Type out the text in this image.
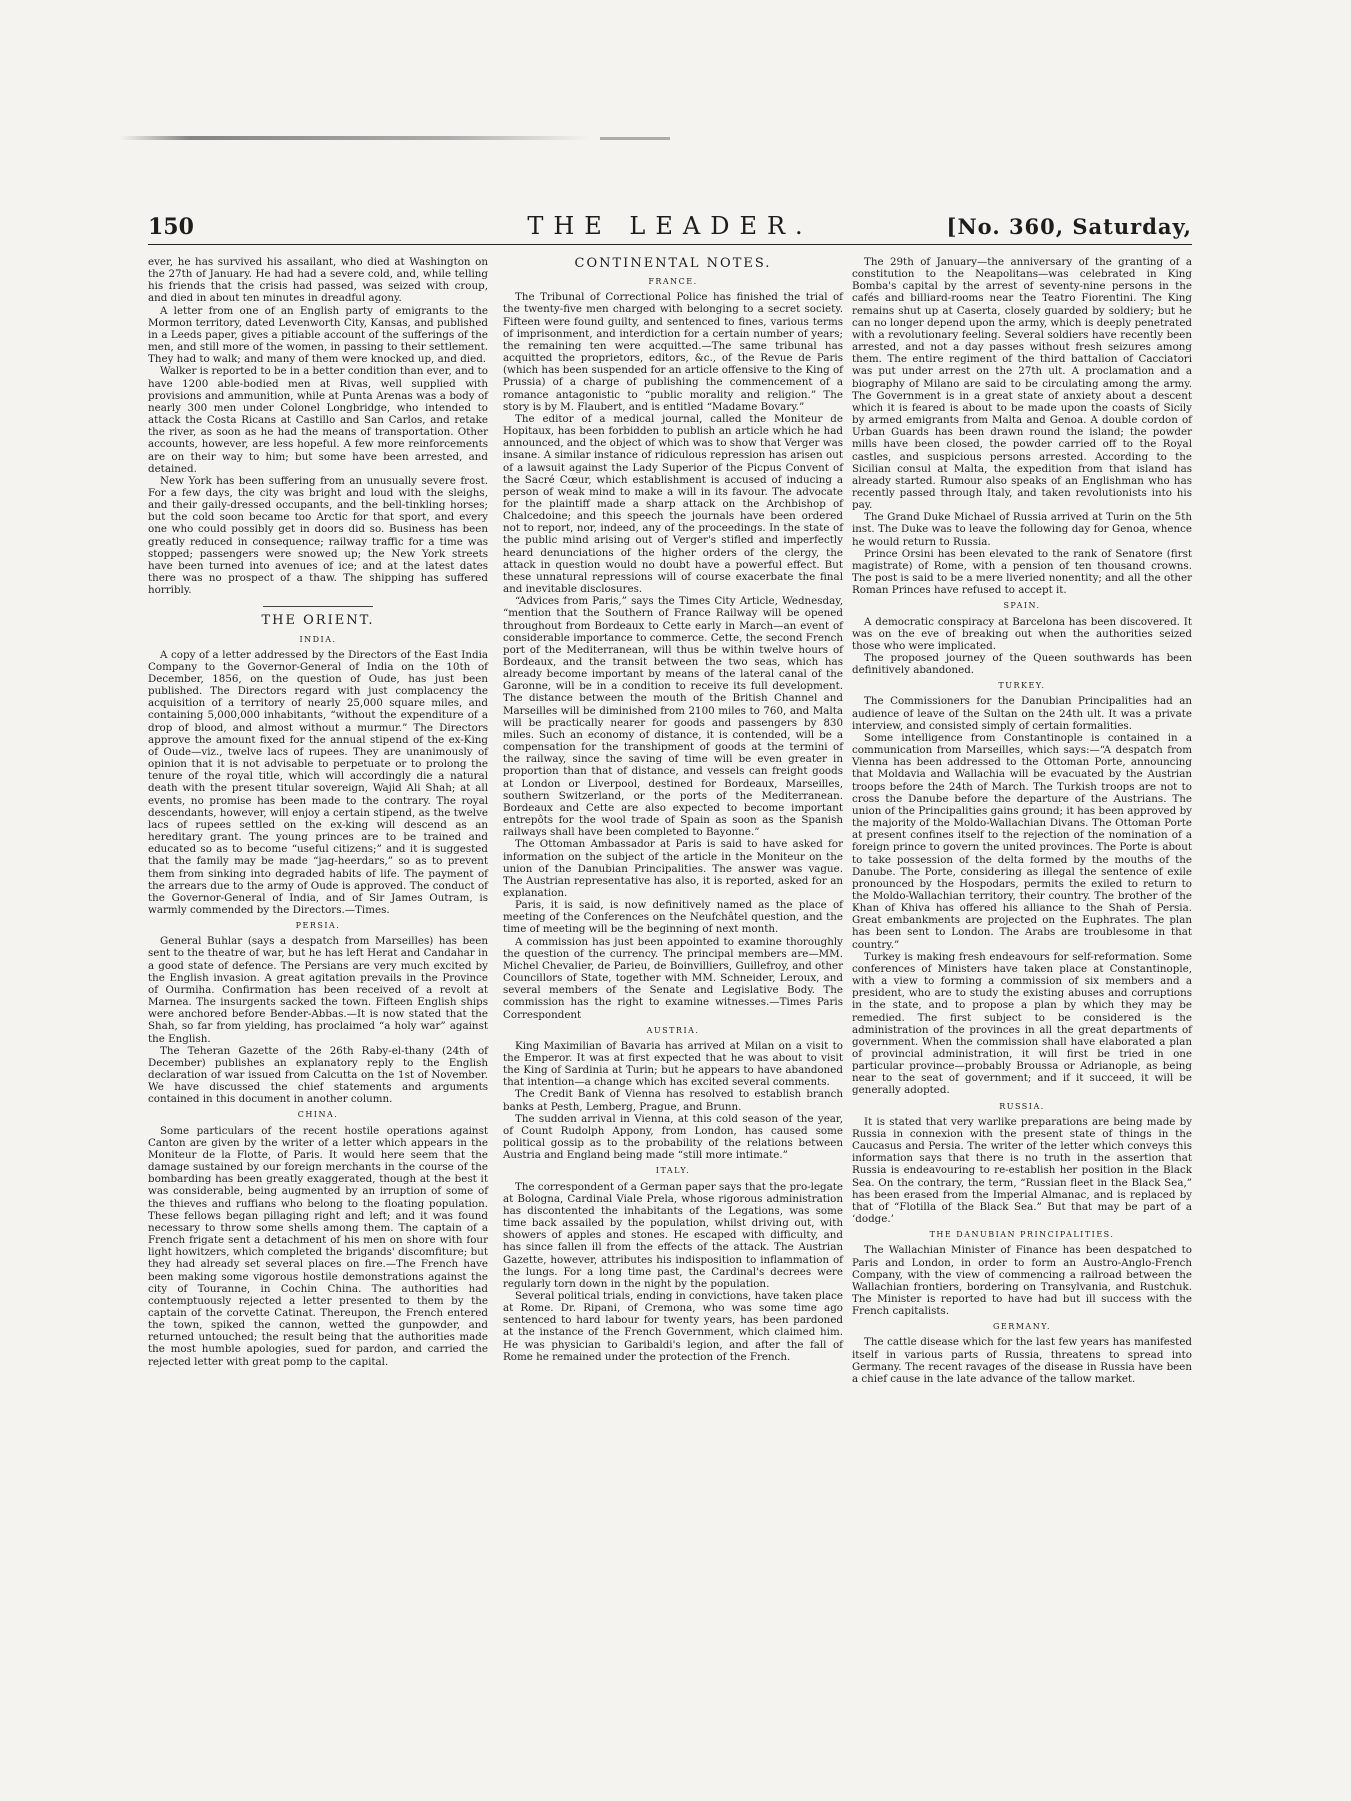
150	THE LEADER.	[No. 360, Saturday,

ever, he has survived his assailant, who died at Washington on the 27th of January. He had had a severe cold, and, while telling his friends that the crisis had passed, was seized with croup, and died in about ten minutes in dreadful agony.

A letter from one of an English party of emigrants to the Mormon territory, dated Levenworth City, Kansas, and published in a Leeds paper, gives a pitiable account of the sufferings of the men, and still more of the women, in passing to their settlement. They had to walk; and many of them were knocked up, and died.

Walker is reported to be in a better condition than ever, and to have 1200 able-bodied men at Rivas, well supplied with provisions and ammunition, while at Punta Arenas was a body of nearly 300 men under Colonel Longbridge, who intended to attack the Costa Ricans at Castillo and San Carlos, and retake the river, as soon as he had the means of transportation. Other accounts, however, are less hopeful. A few more reinforcements are on their way to him; but some have been arrested, and detained.

New York has been suffering from an unusually severe frost. For a few days, the city was bright and loud with the sleighs, and their gaily-dressed occupants, and the bell-tinkling horses; but the cold soon became too Arctic for that sport, and every one who could possibly get in doors did so. Business has been greatly reduced in consequence; railway traffic for a time was stopped; passengers were snowed up; the New York streets have been turned into avenues of ice; and at the latest dates there was no prospect of a thaw. The shipping has suffered horribly.

THE ORIENT.
INDIA.

A copy of a letter addressed by the Directors of the East India Company to the Governor-General of India on the 10th of December, 1856, on the question of Oude, has just been published. The Directors regard with just complacency the acquisition of a territory of nearly 25,000 square miles, and containing 5,000,000 inhabitants, “without the expenditure of a drop of blood, and almost without a murmur.” The Directors approve the amount fixed for the annual stipend of the ex-King of Oude—viz., twelve lacs of rupees. They are unanimously of opinion that it is not advisable to perpetuate or to prolong the tenure of the royal title, which will accordingly die a natural death with the present titular sovereign, Wajid Ali Shah; at all events, no promise has been made to the contrary. The royal descendants, however, will enjoy a certain stipend, as the twelve lacs of rupees settled on the ex-king will descend as an hereditary grant. The young princes are to be trained and educated so as to become “useful citizens;” and it is suggested that the family may be made “jag-heerdars,” so as to prevent them from sinking into degraded habits of life. The payment of the arrears due to the army of Oude is approved. The conduct of the Governor-General of India, and of Sir James Outram, is warmly commended by the Directors.—Times.

PERSIA.

General Buhlar (says a despatch from Marseilles) has been sent to the theatre of war, but he has left Herat and Candahar in a good state of defence. The Persians are very much excited by the English invasion. A great agitation prevails in the Province of Ourmiha. Confirmation has been received of a revolt at Marnea. The insurgents sacked the town. Fifteen English ships were anchored before Bender-Abbas.—It is now stated that the Shah, so far from yielding, has proclaimed “a holy war” against the English.

The Teheran Gazette of the 26th Raby-el-thany (24th of December) publishes an explanatory reply to the English declaration of war issued from Calcutta on the 1st of November. We have discussed the chief statements and arguments contained in this document in another column.

CHINA.

Some particulars of the recent hostile operations against Canton are given by the writer of a letter which appears in the Moniteur de la Flotte, of Paris. It would here seem that the damage sustained by our foreign merchants in the course of the bombarding has been greatly exaggerated, though at the best it was considerable, being augmented by an irruption of some of the thieves and ruffians who belong to the floating population. These fellows began pillaging right and left; and it was found necessary to throw some shells among them. The captain of a French frigate sent a detachment of his men on shore with four light howitzers, which completed the brigands' discomfiture; but they had already set several places on fire.—The French have been making some vigorous hostile demonstrations against the city of Touranne, in Cochin China. The authorities had contemptuously rejected a letter presented to them by the captain of the corvette Catinat. Thereupon, the French entered the town, spiked the cannon, wetted the gunpowder, and returned untouched; the result being that the authorities made the most humble apologies, sued for pardon, and carried the rejected letter with great pomp to the capital.

CONTINENTAL NOTES.
FRANCE.

The Tribunal of Correctional Police has finished the trial of the twenty-five men charged with belonging to a secret society. Fifteen were found guilty, and sentenced to fines, various terms of imprisonment, and interdiction for a certain number of years; the remaining ten were acquitted.—The same tribunal has acquitted the proprietors, editors, &c., of the Revue de Paris (which has been suspended for an article offensive to the King of Prussia) of a charge of publishing the commencement of a romance antagonistic to “public morality and religion.” The story is by M. Flaubert, and is entitled “Madame Bovary.”

The editor of a medical journal, called the Moniteur de Hopitaux, has been forbidden to publish an article which he had announced, and the object of which was to show that Verger was insane. A similar instance of ridiculous repression has arisen out of a lawsuit against the Lady Superior of the Picpus Convent of the Sacré Cœur, which establishment is accused of inducing a person of weak mind to make a will in its favour. The advocate for the plaintiff made a sharp attack on the Archbishop of Chalcedoine; and this speech the journals have been ordered not to report, nor, indeed, any of the proceedings. In the state of the public mind arising out of Verger's stifled and imperfectly heard denunciations of the higher orders of the clergy, the attack in question would no doubt have a powerful effect. But these unnatural repressions will of course exacerbate the final and inevitable disclosures.

“Advices from Paris,” says the Times City Article, Wednesday, “mention that the Southern of France Railway will be opened throughout from Bordeaux to Cette early in March—an event of considerable importance to commerce. Cette, the second French port of the Mediterranean, will thus be within twelve hours of Bordeaux, and the transit between the two seas, which has already become important by means of the lateral canal of the Garonne, will be in a condition to receive its full development. The distance between the mouth of the British Channel and Marseilles will be diminished from 2100 miles to 760, and Malta will be practically nearer for goods and passengers by 830 miles. Such an economy of distance, it is contended, will be a compensation for the transhipment of goods at the termini of the railway, since the saving of time will be even greater in proportion than that of distance, and vessels can freight goods at London or Liverpool, destined for Bordeaux, Marseilles, southern Switzerland, or the ports of the Mediterranean. Bordeaux and Cette are also expected to become important entrepôts for the wool trade of Spain as soon as the Spanish railways shall have been completed to Bayonne.”

The Ottoman Ambassador at Paris is said to have asked for information on the subject of the article in the Moniteur on the union of the Danubian Principalities. The answer was vague. The Austrian representative has also, it is reported, asked for an explanation.

Paris, it is said, is now definitively named as the place of meeting of the Conferences on the Neufchâtel question, and the time of meeting will be the beginning of next month.

A commission has just been appointed to examine thoroughly the question of the currency. The principal members are—MM. Michel Chevalier, de Parieu, de Boinvilliers, Guillefroy, and other Councillors of State, together with MM. Schneider, Leroux, and several members of the Senate and Legislative Body. The commission has the right to examine witnesses.—Times Paris Correspondent

AUSTRIA.

King Maximilian of Bavaria has arrived at Milan on a visit to the Emperor. It was at first expected that he was about to visit the King of Sardinia at Turin; but he appears to have abandoned that intention—a change which has excited several comments.

The Credit Bank of Vienna has resolved to establish branch banks at Pesth, Lemberg, Prague, and Brunn.

The sudden arrival in Vienna, at this cold season of the year, of Count Rudolph Appony, from London, has caused some political gossip as to the probability of the relations between Austria and England being made “still more intimate.”

ITALY.

The correspondent of a German paper says that the pro-legate at Bologna, Cardinal Viale Prela, whose rigorous administration has discontented the inhabitants of the Legations, was some time back assailed by the population, whilst driving out, with showers of apples and stones. He escaped with difficulty, and has since fallen ill from the effects of the attack. The Austrian Gazette, however, attributes his indisposition to inflammation of the lungs. For a long time past, the Cardinal's decrees were regularly torn down in the night by the population.

Several political trials, ending in convictions, have taken place at Rome. Dr. Ripani, of Cremona, who was some time ago sentenced to hard labour for twenty years, has been pardoned at the instance of the French Government, which claimed him. He was physician to Garibaldi's legion, and after the fall of Rome he remained under the protection of the French.

The 29th of January—the anniversary of the granting of a constitution to the Neapolitans—was celebrated in King Bomba's capital by the arrest of seventy-nine persons in the cafés and billiard-rooms near the Teatro Fiorentini. The King remains shut up at Caserta, closely guarded by soldiery; but he can no longer depend upon the army, which is deeply penetrated with a revolutionary feeling. Several soldiers have recently been arrested, and not a day passes without fresh seizures among them. The entire regiment of the third battalion of Cacciatori was put under arrest on the 27th ult. A proclamation and a biography of Milano are said to be circulating among the army. The Government is in a great state of anxiety about a descent which it is feared is about to be made upon the coasts of Sicily by armed emigrants from Malta and Genoa. A double cordon of Urban Guards has been drawn round the island; the powder mills have been closed, the powder carried off to the Royal castles, and suspicious persons arrested. According to the Sicilian consul at Malta, the expedition from that island has already started. Rumour also speaks of an Englishman who has recently passed through Italy, and taken revolutionists into his pay.

The Grand Duke Michael of Russia arrived at Turin on the 5th inst. The Duke was to leave the following day for Genoa, whence he would return to Russia.

Prince Orsini has been elevated to the rank of Senatore (first magistrate) of Rome, with a pension of ten thousand crowns. The post is said to be a mere liveried nonentity; and all the other Roman Princes have refused to accept it.

SPAIN.

A democratic conspiracy at Barcelona has been discovered. It was on the eve of breaking out when the authorities seized those who were implicated.

The proposed journey of the Queen southwards has been definitively abandoned.

TURKEY.

The Commissioners for the Danubian Principalities had an audience of leave of the Sultan on the 24th ult. It was a private interview, and consisted simply of certain formalities.

Some intelligence from Constantinople is contained in a communication from Marseilles, which says:—“A despatch from Vienna has been addressed to the Ottoman Porte, announcing that Moldavia and Wallachia will be evacuated by the Austrian troops before the 24th of March. The Turkish troops are not to cross the Danube before the departure of the Austrians. The union of the Principalities gains ground; it has been approved by the majority of the Moldo-Wallachian Divans. The Ottoman Porte at present confines itself to the rejection of the nomination of a foreign prince to govern the united provinces. The Porte is about to take possession of the delta formed by the mouths of the Danube. The Porte, considering as illegal the sentence of exile pronounced by the Hospodars, permits the exiled to return to the Moldo-Wallachian territory, their country. The brother of the Khan of Khiva has offered his alliance to the Shah of Persia. Great embankments are projected on the Euphrates. The plan has been sent to London. The Arabs are troublesome in that country.”

Turkey is making fresh endeavours for self-reformation. Some conferences of Ministers have taken place at Constantinople, with a view to forming a commission of six members and a president, who are to study the existing abuses and corruptions in the state, and to propose a plan by which they may be remedied. The first subject to be considered is the administration of the provinces in all the great departments of government. When the commission shall have elaborated a plan of provincial administration, it will first be tried in one particular province—probably Broussa or Adrianople, as being near to the seat of government; and if it succeed, it will be generally adopted.

RUSSIA.

It is stated that very warlike preparations are being made by Russia in connexion with the present state of things in the Caucasus and Persia. The writer of the letter which conveys this information says that there is no truth in the assertion that Russia is endeavouring to re-establish her position in the Black Sea. On the contrary, the term, “Russian fleet in the Black Sea,” has been erased from the Imperial Almanac, and is replaced by that of “Flotilla of the Black Sea.” But that may be part of a ‘dodge.’

THE DANUBIAN PRINCIPALITIES.

The Wallachian Minister of Finance has been despatched to Paris and London, in order to form an Austro-Anglo-French Company, with the view of commencing a railroad between the Wallachian frontiers, bordering on Transylvania, and Rustchuk. The Minister is reported to have had but ill success with the French capitalists.

GERMANY.

The cattle disease which for the last few years has manifested itself in various parts of Russia, threatens to spread into Germany. The recent ravages of the disease in Russia have been a chief cause in the late advance of the tallow market.
